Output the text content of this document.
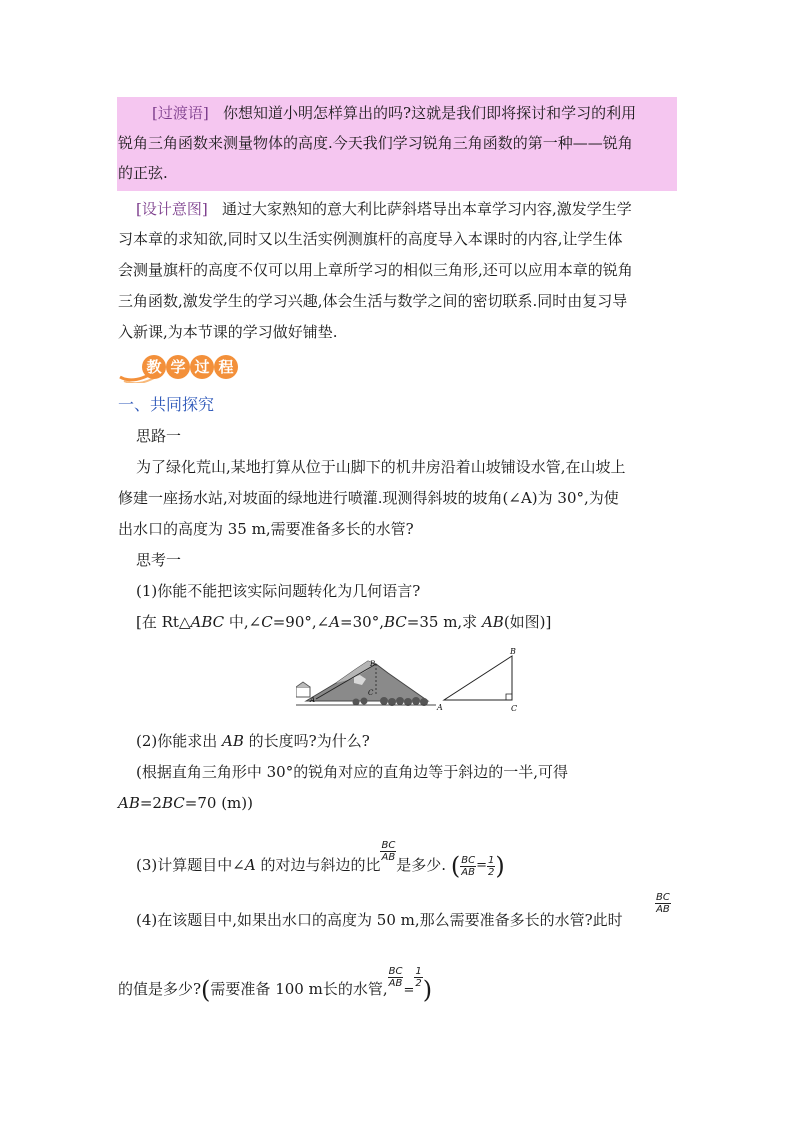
[过渡语] 你想知道小明怎样算出的吗?这就是我们即将探讨和学习的利用
锐角三角函数来测量物体的高度.今天我们学习锐角三角函数的第一种——锐角
的正弦.
[设计意图] 通过大家熟知的意大利比萨斜塔导出本章学习内容,激发学生学
习本章的求知欲,同时又以生活实例测旗杆的高度导入本课时的内容,让学生体
会测量旗杆的高度不仅可以用上章所学习的相似三角形,还可以应用本章的锐角
三角函数,激发学生的学习兴趣,体会生活与数学之间的密切联系.同时由复习导
入新课,为本节课的学习做好铺垫.
教 学 过 程
一、共同探究
思路一
为了绿化荒山,某地打算从位于山脚下的机井房沿着山坡铺设水管,在山坡上
修建一座扬水站,对坡面的绿地进行喷灌.现测得斜坡的坡角(∠A)为 30°,为使
出水口的高度为 35 m,需要准备多长的水管?
思考一
(1)你能不能把该实际问题转化为几何语言?
[在 Rt△ABC 中,∠C=90°,∠A=30°,BC=35 m,求 AB(如图)]
A
B
C
A
B
C
(2)你能求出 AB 的长度吗?为什么?
(根据直角三角形中 30°的锐角对应的直角边等于斜边的一半,可得
AB=2BC=70 (m))
(3)计算题目中∠A 的对边与斜边的比
$\frac{BC}{AB}$
是多少. ( $\frac{BC}{AB} = \frac{1}{2}$ )
(4)在该题目中,如果出水口的高度为 50 m,那么需要准备多长的水管?此时
$\frac{BC}{AB}$
的值是多少?(需要准备 100 m长的水管, $\frac{BC}{AB}$
=
$\frac{1}{2}$ )
